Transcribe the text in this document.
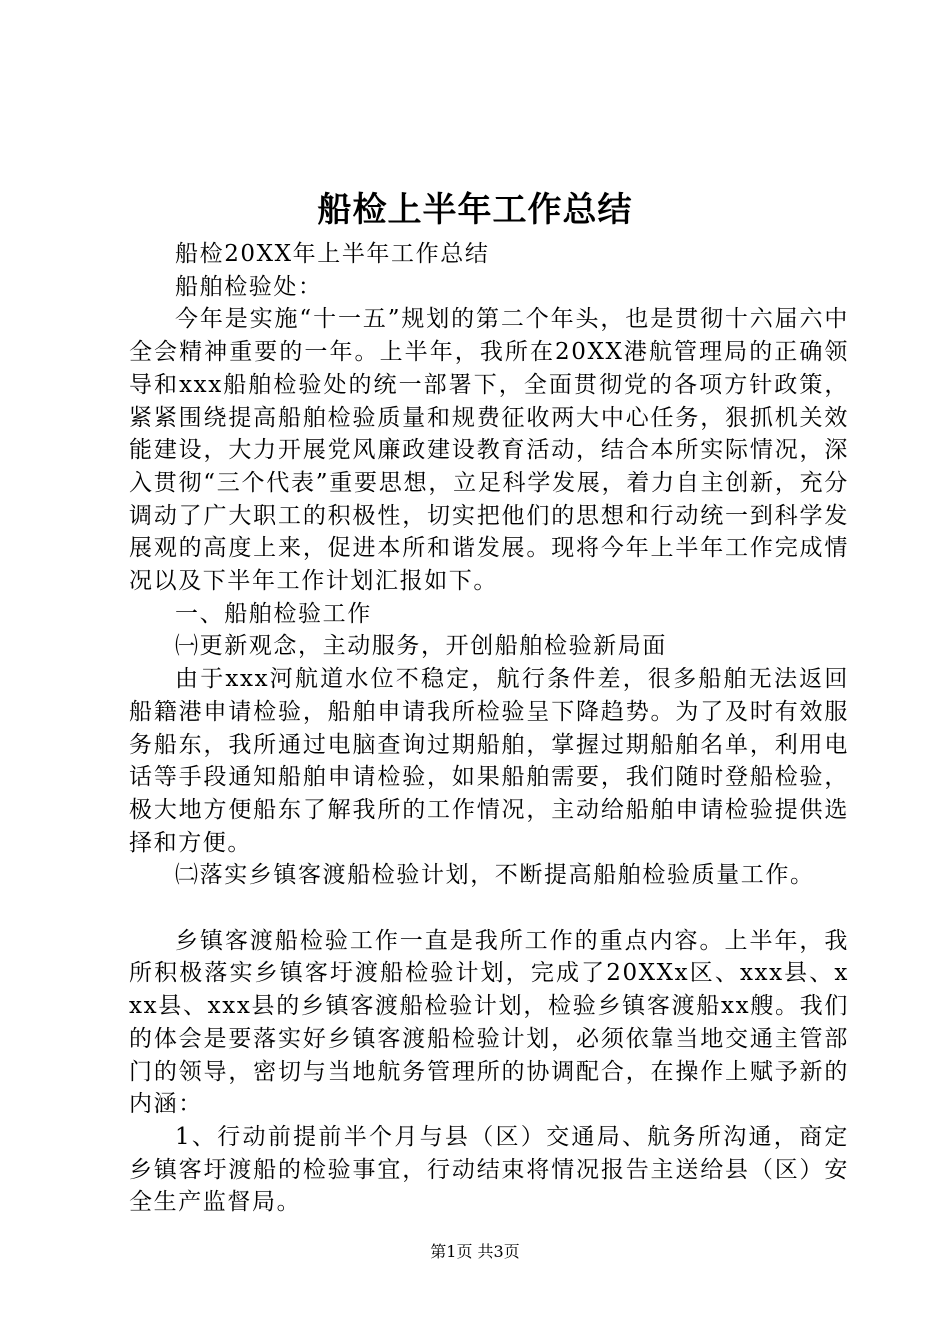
船检上半年工作总结

船检20XX年上半年工作总结

船舶检验处：

今年是实施“十一五”规划的第二个年头，也是贯彻十六届六中全会精神重要的一年。上半年，我所在20XX港航管理局的正确领导和xxx船舶检验处的统一部署下，全面贯彻党的各项方针政策，紧紧围绕提高船舶检验质量和规费征收两大中心任务，狠抓机关效能建设，大力开展党风廉政建设教育活动，结合本所实际情况，深入贯彻“三个代表”重要思想，立足科学发展，着力自主创新，充分调动了广大职工的积极性，切实把他们的思想和行动统一到科学发展观的高度上来，促进本所和谐发展。现将今年上半年工作完成情况以及下半年工作计划汇报如下。

一、船舶检验工作

㈠更新观念，主动服务，开创船舶检验新局面

由于xxx河航道水位不稳定，航行条件差，很多船舶无法返回船籍港申请检验，船舶申请我所检验呈下降趋势。为了及时有效服务船东，我所通过电脑查询过期船舶，掌握过期船舶名单，利用电话等手段通知船舶申请检验，如果船舶需要，我们随时登船检验，极大地方便船东了解我所的工作情况，主动给船舶申请检验提供选择和方便。

㈡落实乡镇客渡船检验计划，不断提高船舶检验质量工作。

乡镇客渡船检验工作一直是我所工作的重点内容。上半年，我所积极落实乡镇客圩渡船检验计划，完成了20XXx区、xxx县、xxx县、xxx县的乡镇客渡船检验计划，检验乡镇客渡船xx艘。我们的体会是要落实好乡镇客渡船检验计划，必须依靠当地交通主管部门的领导，密切与当地航务管理所的协调配合，在操作上赋予新的内涵：

1、行动前提前半个月与县（区）交通局、航务所沟通，商定乡镇客圩渡船的检验事宜，行动结束将情况报告主送给县（区）安全生产监督局。

第1页 共3页
